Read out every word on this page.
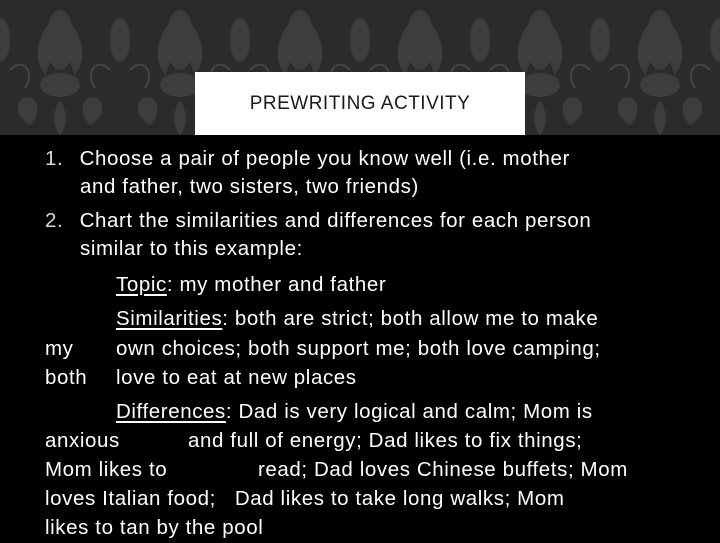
PREWRITING ACTIVITY
1. Choose a pair of people you know well (i.e. mother
and father, two sisters, two friends)
2. Chart the similarities and differences for each person
similar to this example:
Topic: my mother and father
Similarities: both are strict; both allow me to make
my own choices; both support me; both love camping;
both love to eat at new places
Differences: Dad is very logical and calm; Mom is
anxious	and full of energy; Dad likes to fix things;
Mom likes to	read; Dad loves Chinese buffets; Mom
loves Italian food;   Dad likes to take long walks; Mom
likes to tan by the pool
